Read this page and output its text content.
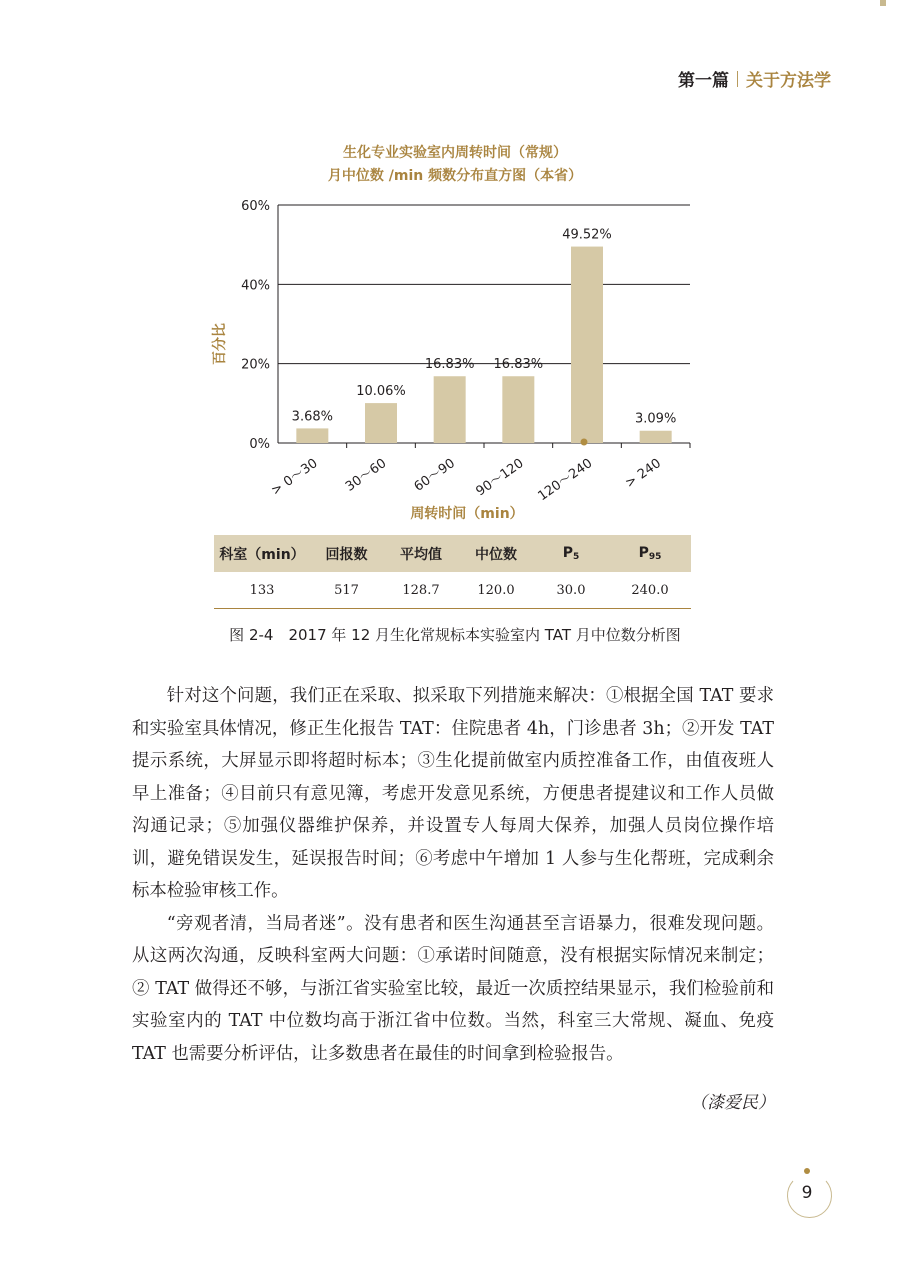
第一篇 关于方法学
生化专业实验室内周转时间（常规）
月中位数 /min 频数分布直方图（本省）
0%
20%
40%
60%
3.68%
> 0～30
10.06%
30～60
16.83%
60～90
16.83%
90～120
49.52%
120～240
3.09%
> 240
百分比
周转时间（min）
科室（min）	回报数	平均值	中位数	$P_5$	$P_{95}$
133	517	128.7	120.0	30.0	240.0
图 2-4　2017 年 12 月生化常规标本实验室内 TAT 月中位数分析图

针对这个问题，我们正在采取、拟采取下列措施来解决：①根据全国 TAT 要求和实验室具体情况，修正生化报告 TAT：住院患者 4h，门诊患者 3h；②开发 TAT 提示系统，大屏显示即将超时标本；③生化提前做室内质控准备工作，由值夜班人早上准备；④目前只有意见簿，考虑开发意见系统，方便患者提建议和工作人员做沟通记录；⑤加强仪器维护保养，并设置专人每周大保养，加强人员岗位操作培训，避免错误发生，延误报告时间；⑥考虑中午增加 1 人参与生化帮班，完成剩余标本检验审核工作。

“旁观者清，当局者迷”。没有患者和医生沟通甚至言语暴力，很难发现问题。从这两次沟通，反映科室两大问题：①承诺时间随意，没有根据实际情况来制定；② TAT 做得还不够，与浙江省实验室比较，最近一次质控结果显示，我们检验前和实验室内的 TAT 中位数均高于浙江省中位数。当然，科室三大常规、凝血、免疫 TAT 也需要分析评估，让多数患者在最佳的时间拿到检验报告。

（漆爱民）
9
